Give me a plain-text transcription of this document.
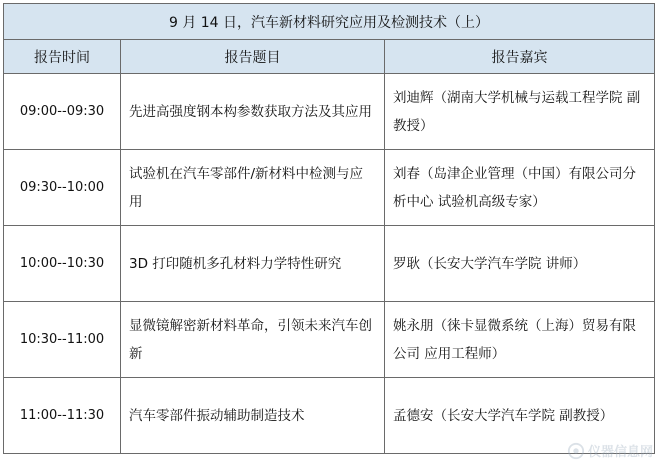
9 月 14 日，汽车新材料研究应用及检测技术（上）		
报告时间	报告题目	报告嘉宾
09:00--09:30	先进高强度钢本构参数获取方法及其应用	刘迪辉（湖南大学机械与运载工程学院 副教授）
09:30--10:00	试验机在汽车零部件/新材料中检测与应用	刘春（岛津企业管理（中国）有限公司分析中心 试验机高级专家）
10:00--10:30	3D 打印随机多孔材料力学特性研究	罗耿（长安大学汽车学院 讲师）
10:30--11:00	显微镜解密新材料革命，引领未来汽车创新	姚永朋（徕卡显微系统（上海）贸易有限公司 应用工程师）
11:00--11:30	汽车零部件振动辅助制造技术	孟德安（长安大学汽车学院 副教授）
仪器信息网
